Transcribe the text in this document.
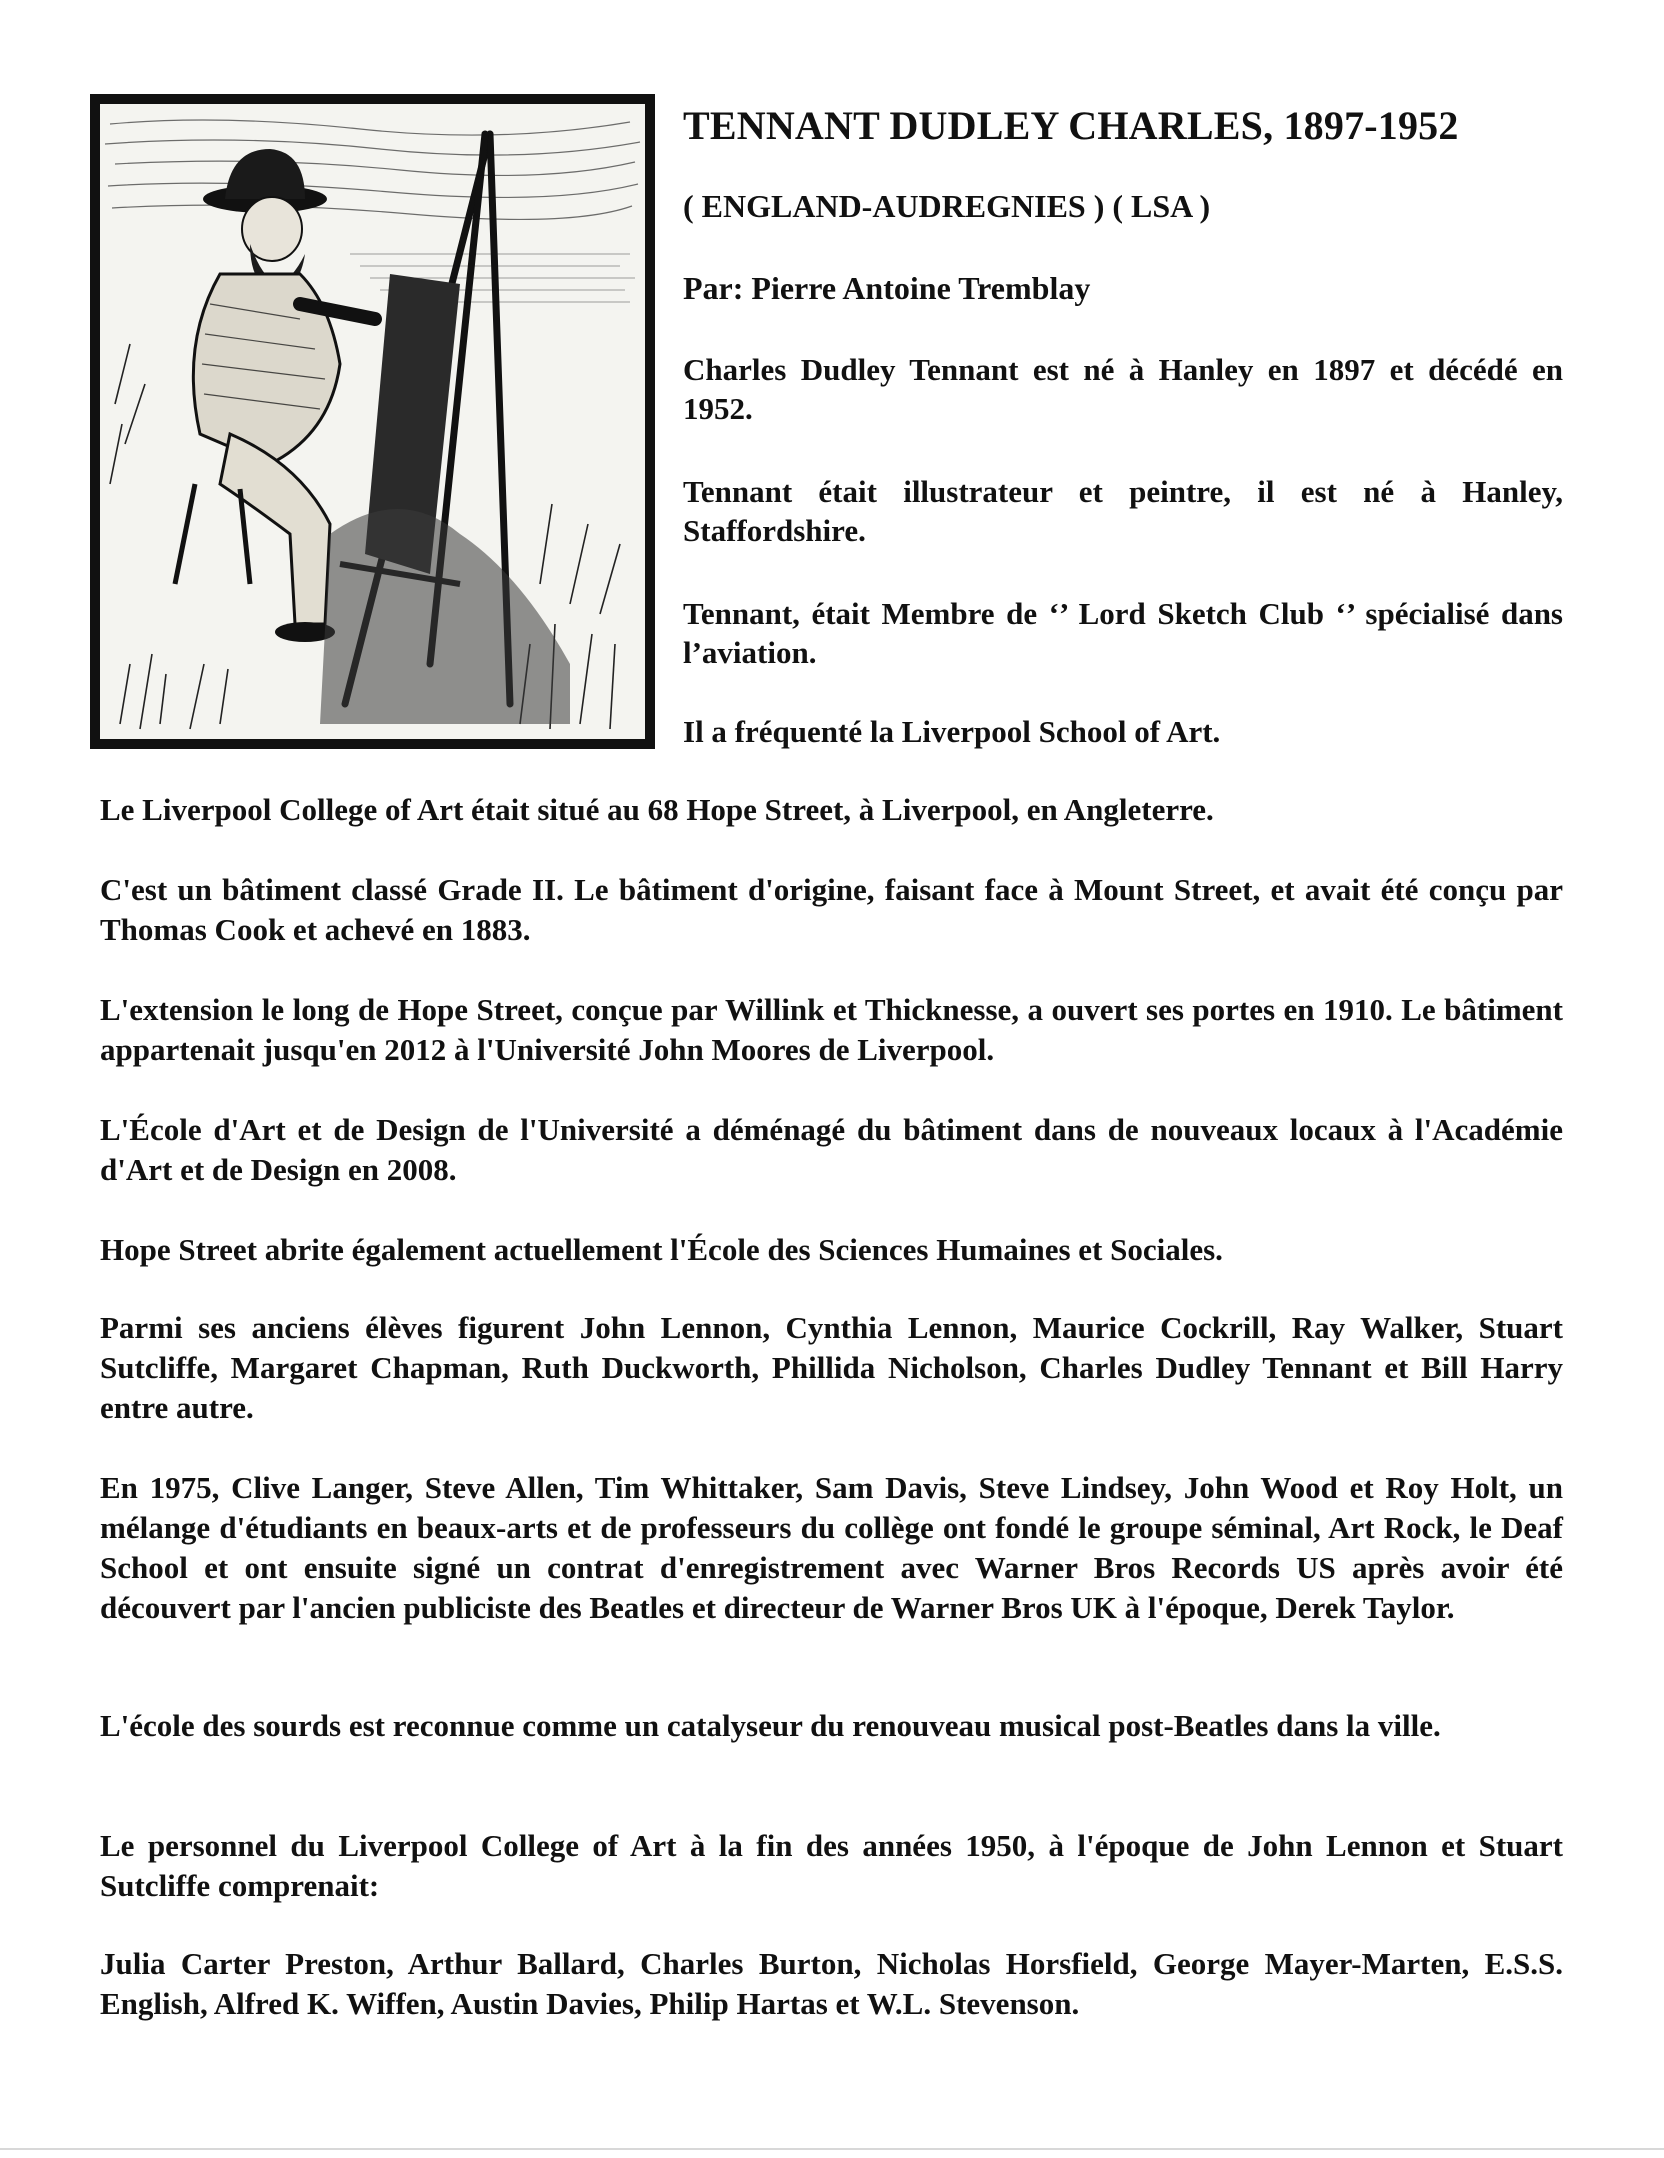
TENNANT DUDLEY CHARLES, 1897-1952

( ENGLAND-AUDREGNIES ) ( LSA )

Par: Pierre Antoine Tremblay

Charles Dudley Tennant est né à Hanley en 1897 et décédé en 1952.

Tennant était illustrateur et peintre, il est né à Hanley, Staffordshire.

Tennant, était Membre de ‘’ Lord Sketch Club ‘’ spécialisé dans l’aviation.

Il a fréquenté la Liverpool School of Art.

Le Liverpool College of Art était situé au 68 Hope Street, à Liverpool, en Angleterre.

C'est un bâtiment classé Grade II. Le bâtiment d'origine, faisant face à Mount Street, et avait été conçu par Thomas Cook et achevé en 1883.

L'extension le long de Hope Street, conçue par Willink et Thicknesse, a ouvert ses portes en 1910. Le bâtiment appartenait jusqu'en 2012 à l'Université John Moores de Liverpool.

L'École d'Art et de Design de l'Université a déménagé du bâtiment dans de nouveaux locaux à l'Académie d'Art et de Design en 2008.

Hope Street abrite également actuellement l'École des Sciences Humaines et Sociales.

Parmi ses anciens élèves figurent John Lennon, Cynthia Lennon, Maurice Cockrill, Ray Walker, Stuart Sutcliffe, Margaret Chapman, Ruth Duckworth, Phillida Nicholson, Charles Dudley Tennant et Bill Harry entre autre.

En 1975, Clive Langer, Steve Allen, Tim Whittaker, Sam Davis, Steve Lindsey, John Wood et Roy Holt, un mélange d'étudiants en beaux-arts et de professeurs du collège ont fondé le groupe séminal, Art Rock, le Deaf School et ont ensuite signé un contrat d'enregistrement avec Warner Bros Records US après avoir été découvert par l'ancien publiciste des Beatles et directeur de Warner Bros UK à l'époque, Derek Taylor.

L'école des sourds est reconnue comme un catalyseur du renouveau musical post-Beatles dans la ville.

Le personnel du Liverpool College of Art à la fin des années 1950, à l'époque de John Lennon et Stuart Sutcliffe comprenait:

Julia Carter Preston, Arthur Ballard, Charles Burton, Nicholas Horsfield, George Mayer-Marten, E.S.S. English, Alfred K. Wiffen, Austin Davies, Philip Hartas et W.L. Stevenson.
